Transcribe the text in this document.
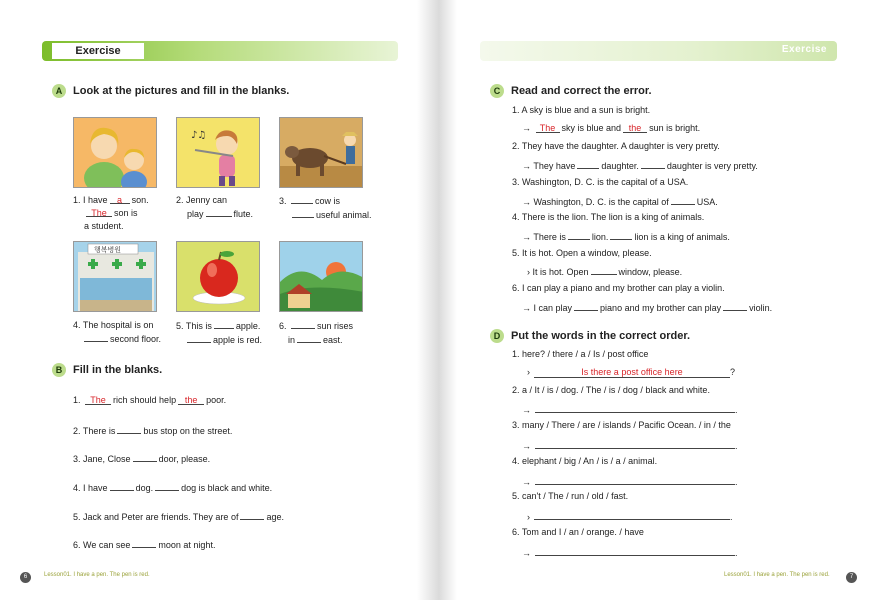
Exercise
A Look at the pictures and fill in the blanks.
♪♫
1. I have a son.
The son is
a student.
2. Jenny can
play	flute.
3.	cow is
useful animal.
행복병원
4. The hospital is on
second floor.
5. This is	apple.
apple is red.
6.	sun rises
in	east.
B Fill in the blanks.
1. The rich should help the poor.
2. There is	bus stop on the street.
3. Jane, Close	door, please.
4. I have	dog.	dog is black and white.
5. Jack and Peter are friends. They are of	age.
6. We can see	moon at night.
6	Lesson01. I have a pen. The pen is red.
Exercise
C Read and correct the error.
1. A sky is blue and a sun is bright.
→ The sky is blue and the sun is bright.
2. They have the daughter. A daughter is very pretty.
→ They have	daughter.	daughter is very pretty.
3. Washington, D. C. is the capital of a USA.
→ Washington, D. C. is the capital of	USA.
4. There is the lion. The lion is a king of animals.
→ There is	lion.	lion is a king of animals.
5. It is hot. Open a window, please.
› It is hot. Open	window, please.
6. I can play a piano and my brother can play a violin.
→ I can play	piano and my brother can play	violin.
D Put the words in the correct order.
1. here? / there / a / Is / post office
›	Is there a post office here	?
2. a / It / is / dog. / The / is / dog / black and white.
→	.
3. many / There / are / islands / Pacific Ocean. / in / the
→	.
4. elephant / big / An / is / a / animal.
→	.
5. can't / The / run / old / fast.
›	.
6. Tom and I / an / orange. / have
→	.
Lesson01. I have a pen. The pen is red.	7
